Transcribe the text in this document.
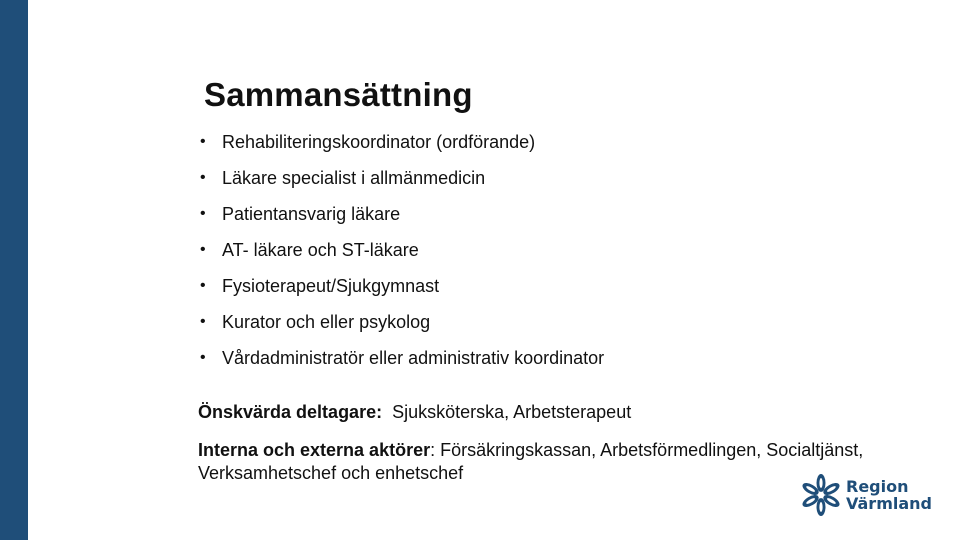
Sammansättning
• Rehabiliteringskoordinator (ordförande)
• Läkare specialist i allmänmedicin
• Patientansvarig läkare
• AT- läkare och ST-läkare
• Fysioterapeut/Sjukgymnast
• Kurator och eller psykolog
• Vårdadministratör eller administrativ koordinator
Önskvärda deltagare:  Sjuksköterska, Arbetsterapeut
Interna och externa aktörer: Försäkringskassan, Arbetsförmedlingen, Socialtjänst, Verksamhetschef och enhetschef
Region
Värmland
